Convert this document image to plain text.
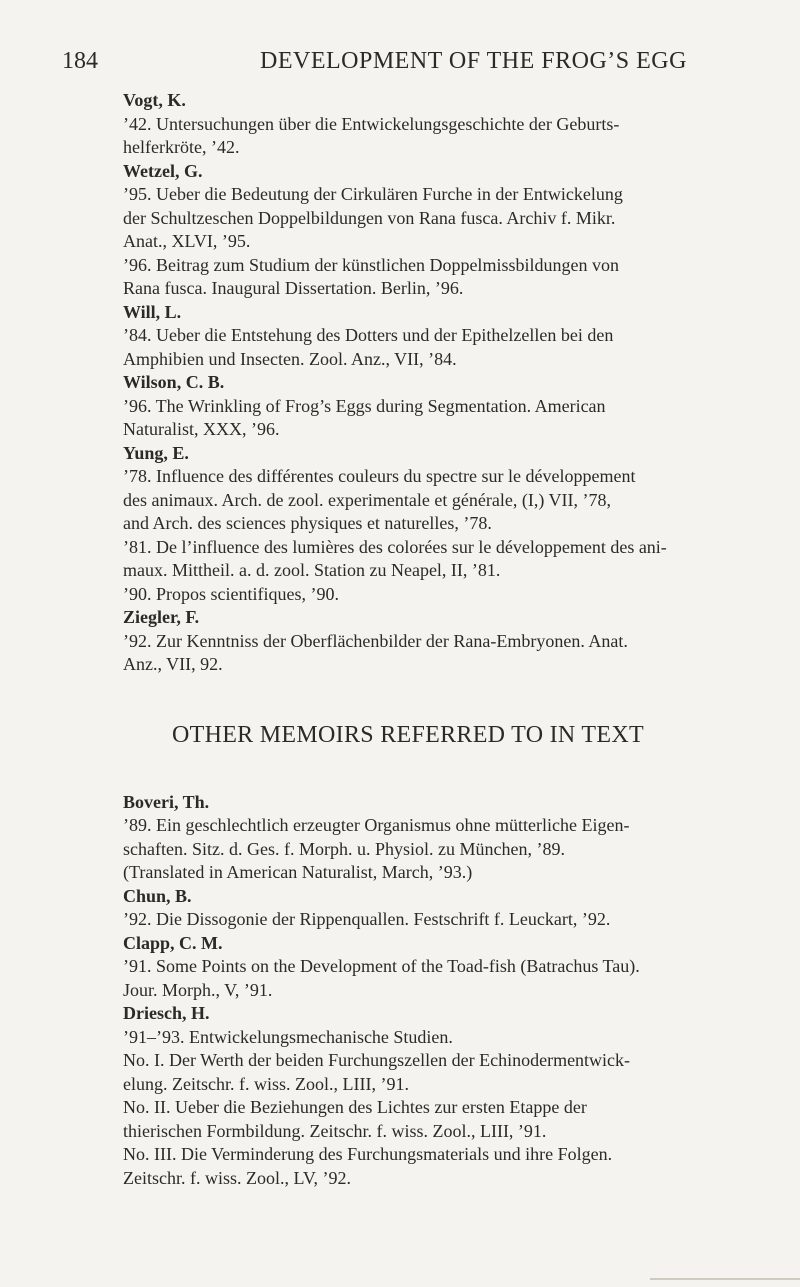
184	DEVELOPMENT OF THE FROG’S EGG
Vogt, K.
’42. Untersuchungen über die Entwickelungsgeschichte der Geburts-
helferkröte, ’42.
Wetzel, G.
’95. Ueber die Bedeutung der Cirkulären Furche in der Entwickelung
der Schultzeschen Doppelbildungen von Rana fusca. Archiv f. Mikr.
Anat., XLVI, ’95.
’96. Beitrag zum Studium der künstlichen Doppelmissbildungen von
Rana fusca. Inaugural Dissertation. Berlin, ’96.
Will, L.
’84. Ueber die Entstehung des Dotters und der Epithelzellen bei den
Amphibien und Insecten. Zool. Anz., VII, ’84.
Wilson, C. B.
’96. The Wrinkling of Frog’s Eggs during Segmentation. American
Naturalist, XXX, ’96.
Yung, E.
’78. Influence des différentes couleurs du spectre sur le développement
des animaux. Arch. de zool. experimentale et générale, (I,) VII, ’78,
and Arch. des sciences physiques et naturelles, ’78.
’81. De l’influence des lumières des colorées sur le développement des ani-
maux. Mittheil. a. d. zool. Station zu Neapel, II, ’81.
’90. Propos scientifiques, ’90.
Ziegler, F.
’92. Zur Kenntniss der Oberflächenbilder der Rana-Embryonen. Anat.
Anz., VII, 92.
OTHER MEMOIRS REFERRED TO IN TEXT
Boveri, Th.
’89. Ein geschlechtlich erzeugter Organismus ohne mütterliche Eigen-
schaften. Sitz. d. Ges. f. Morph. u. Physiol. zu München, ’89.
(Translated in American Naturalist, March, ’93.)
Chun, B.
’92. Die Dissogonie der Rippenquallen. Festschrift f. Leuckart, ’92.
Clapp, C. M.
’91. Some Points on the Development of the Toad-fish (Batrachus Tau).
Jour. Morph., V, ’91.
Driesch, H.
’91–’93. Entwickelungsmechanische Studien.
No. I. Der Werth der beiden Furchungszellen der Echinodermentwick-
elung. Zeitschr. f. wiss. Zool., LIII, ’91.
No. II. Ueber die Beziehungen des Lichtes zur ersten Etappe der
thierischen Formbildung. Zeitschr. f. wiss. Zool., LIII, ’91.
No. III. Die Verminderung des Furchungsmaterials und ihre Folgen.
Zeitschr. f. wiss. Zool., LV, ’92.
